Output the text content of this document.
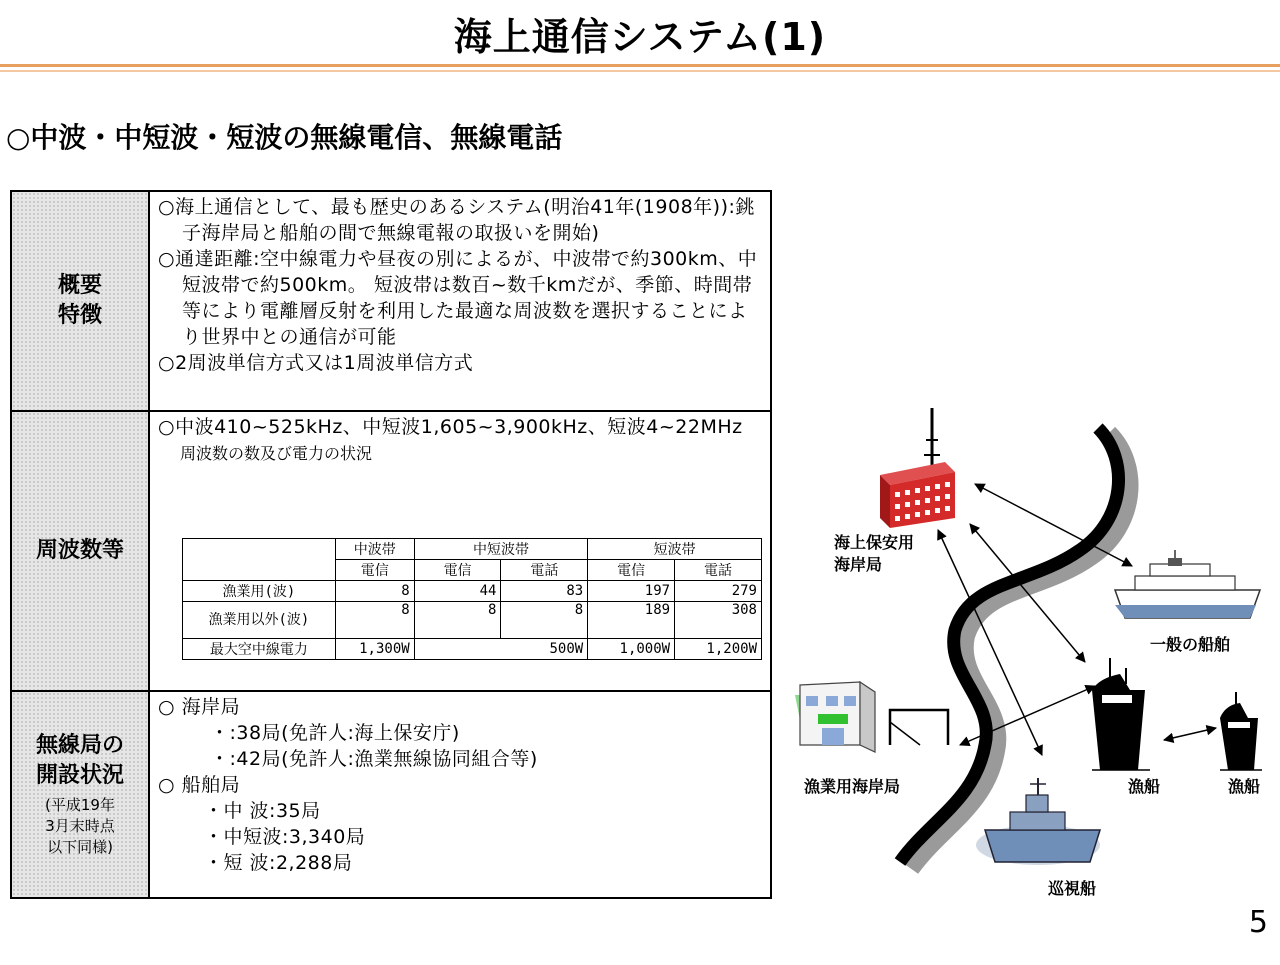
海上通信システム(1)
○中波・中短波・短波の無線電信、無線電話
概要
特徴
○海上通信として、最も歴史のあるシステム(明治41年(1908年)):銚子海岸局と船舶の間で無線電報の取扱いを開始)
○通達距離:空中線電力や昼夜の別によるが、中波帯で約300km、中短波帯で約500km。 短波帯は数百~数千kmだが、季節、時間帯等により電離層反射を利用した最適な周波数を選択することにより世界中との通信が可能
○2周波単信方式又は1周波単信方式
周波数等
○中波410~525kHz、中短波1,605~3,900kHz、短波4~22MHz
周波数の数及び電力の状況
	中波帯	中短波帯		短波帯	
	電信	電信	電話	電信	電話
漁業用(波)	8	44	83	197	279
漁業用以外(波)	8	8	8	189	308
最大空中線電力	1,300W	500W		1,000W	1,200W
無線局の
開設状況
(平成19年
3月末時点
以下同様)
○ 海岸局
・:38局(免許人:海上保安庁)
・:42局(免許人:漁業無線協同組合等)
○ 船舶局
・中 波:35局
・中短波:3,340局
・短 波:2,288局
海上保安用
海岸局
一般の船舶
漁業用海岸局	漁船	漁船
巡視船
5
